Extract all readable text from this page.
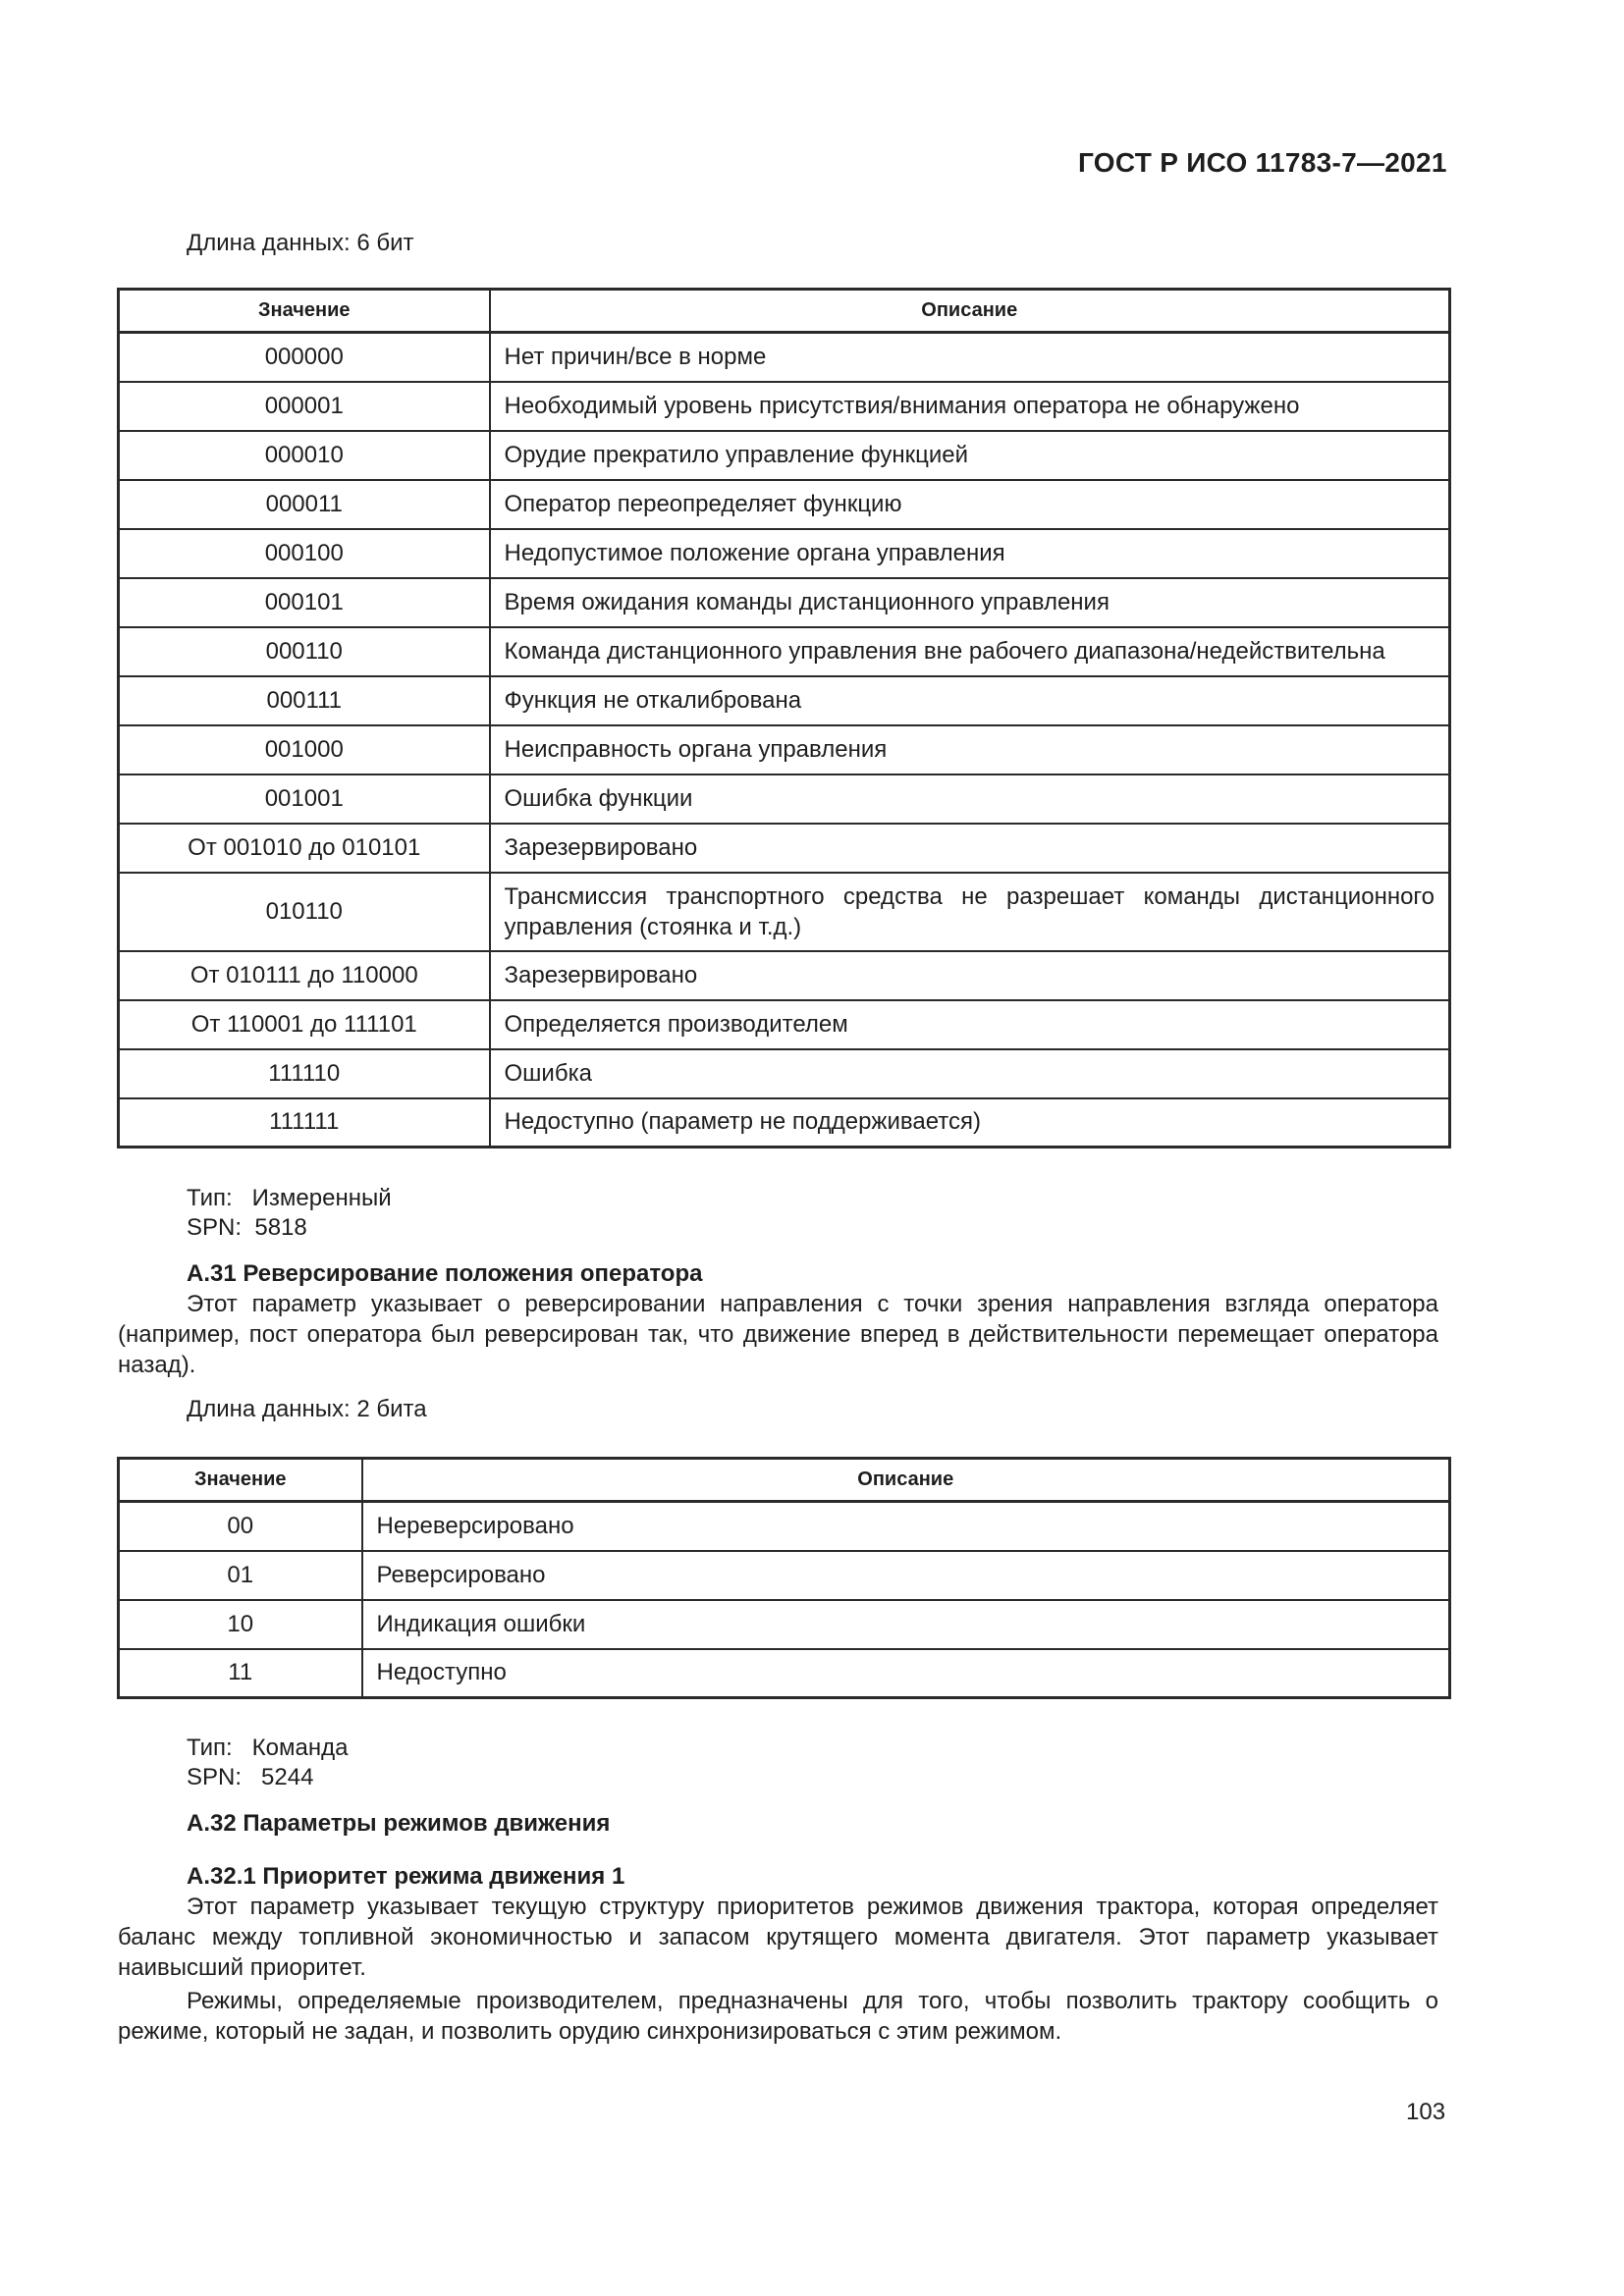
ГОСТ Р ИСО 11783-7—2021
Длина данных: 6 бит
Значение	Описание
000000	Нет причин/все в норме
000001	Необходимый уровень присутствия/внимания оператора не обнаружено
000010	Орудие прекратило управление функцией
000011	Оператор переопределяет функцию
000100	Недопустимое положение органа управления
000101	Время ожидания команды дистанционного управления
000110	Команда дистанционного управления вне рабочего диапазона/недействительна
000111	Функция не откалибрована
001000	Неисправность органа управления
001001	Ошибка функции
От 001010 до 010101	Зарезервировано
010110	Трансмиссия транспортного средства не разрешает команды дистанционного управления (стоянка и т.д.)
От 010111 до 110000	Зарезервировано
От 110001 до 111101	Определяется производителем
111110	Ошибка
111111	Недоступно (параметр не поддерживается)
Тип:   Измеренный
SPN:  5818
А.31 Реверсирование положения оператора
Этот параметр указывает о реверсировании направления с точки зрения направления взгляда оператора (например, пост оператора был реверсирован так, что движение вперед в действительности перемещает оператора назад).
Длина данных: 2 бита
Значение	Описание
00	Нереверсировано
01	Реверсировано
10	Индикация ошибки
11	Недоступно
Тип:   Команда
SPN:   5244
А.32 Параметры режимов движения
А.32.1 Приоритет режима движения 1
Этот параметр указывает текущую структуру приоритетов режимов движения трактора, которая определяет баланс между топливной экономичностью и запасом крутящего момента двигателя. Этот параметр указывает наивысший приоритет.
Режимы, определяемые производителем, предназначены для того, чтобы позволить трактору сообщить о режиме, который не задан, и позволить орудию синхронизироваться с этим режимом.
103
